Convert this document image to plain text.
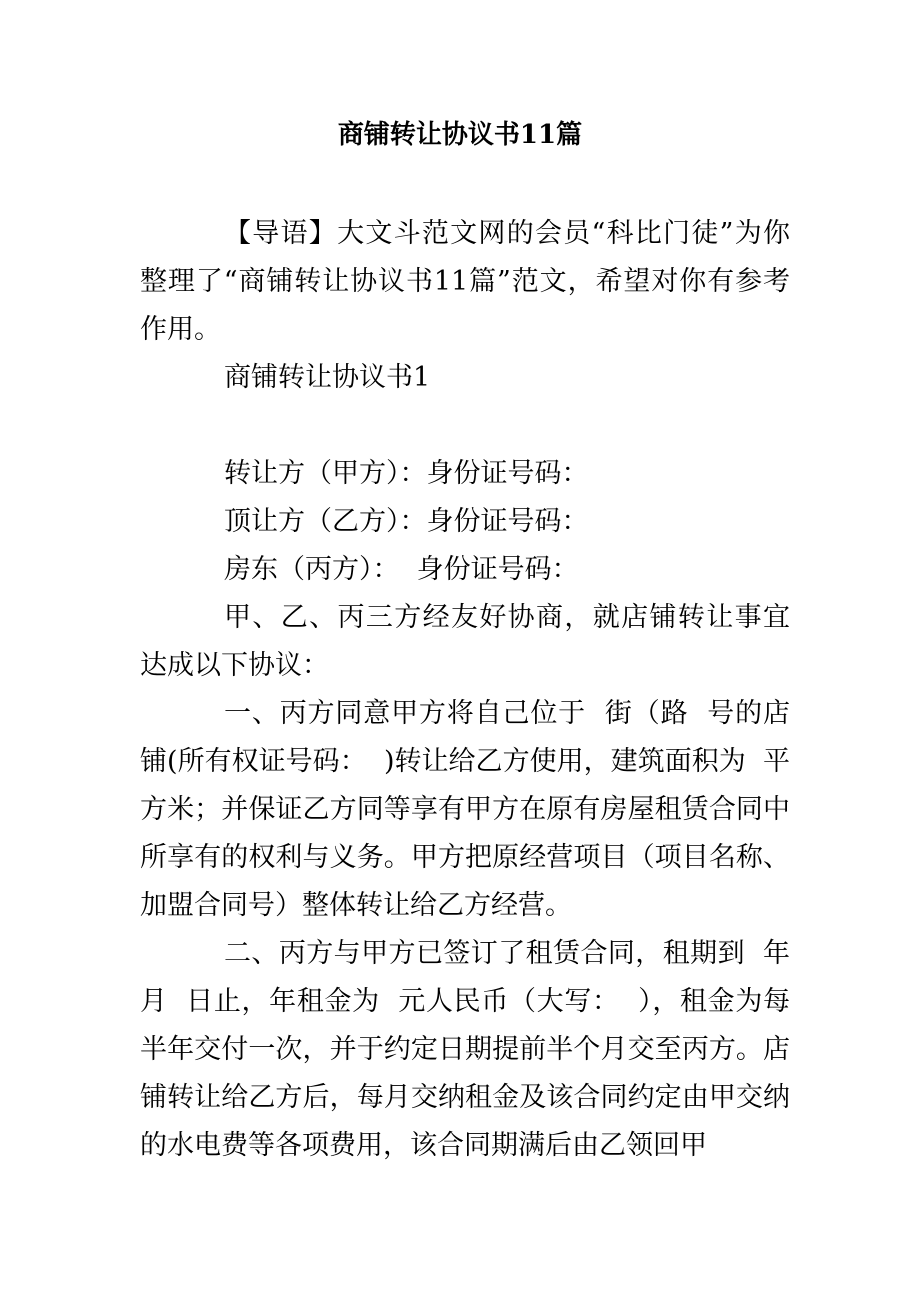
商铺转让协议书11篇

【导语】大文斗范文网的会员“科比门徒”为你整理了“商铺转让协议书11篇”范文，希望对你有参考作用。

商铺转让协议书1

转让方（甲方）：身份证号码：

顶让方（乙方）：身份证号码：

房东（丙方）：  身份证号码：

甲、乙、丙三方经友好协商，就店铺转让事宜达成以下协议：

一、丙方同意甲方将自己位于  街（路  号的店铺(所有权证号码：  )转让给乙方使用，建筑面积为  平方米；并保证乙方同等享有甲方在原有房屋租赁合同中所享有的权利与义务。甲方把原经营项目（项目名称、加盟合同号）整体转让给乙方经营。

二、丙方与甲方已签订了租赁合同，租期到  年  月  日止，年租金为  元人民币（大写：  ），租金为每半年交付一次，并于约定日期提前半个月交至丙方。店铺转让给乙方后，每月交纳租金及该合同约定由甲交纳的水电费等各项费用，该合同期满后由乙领回甲
